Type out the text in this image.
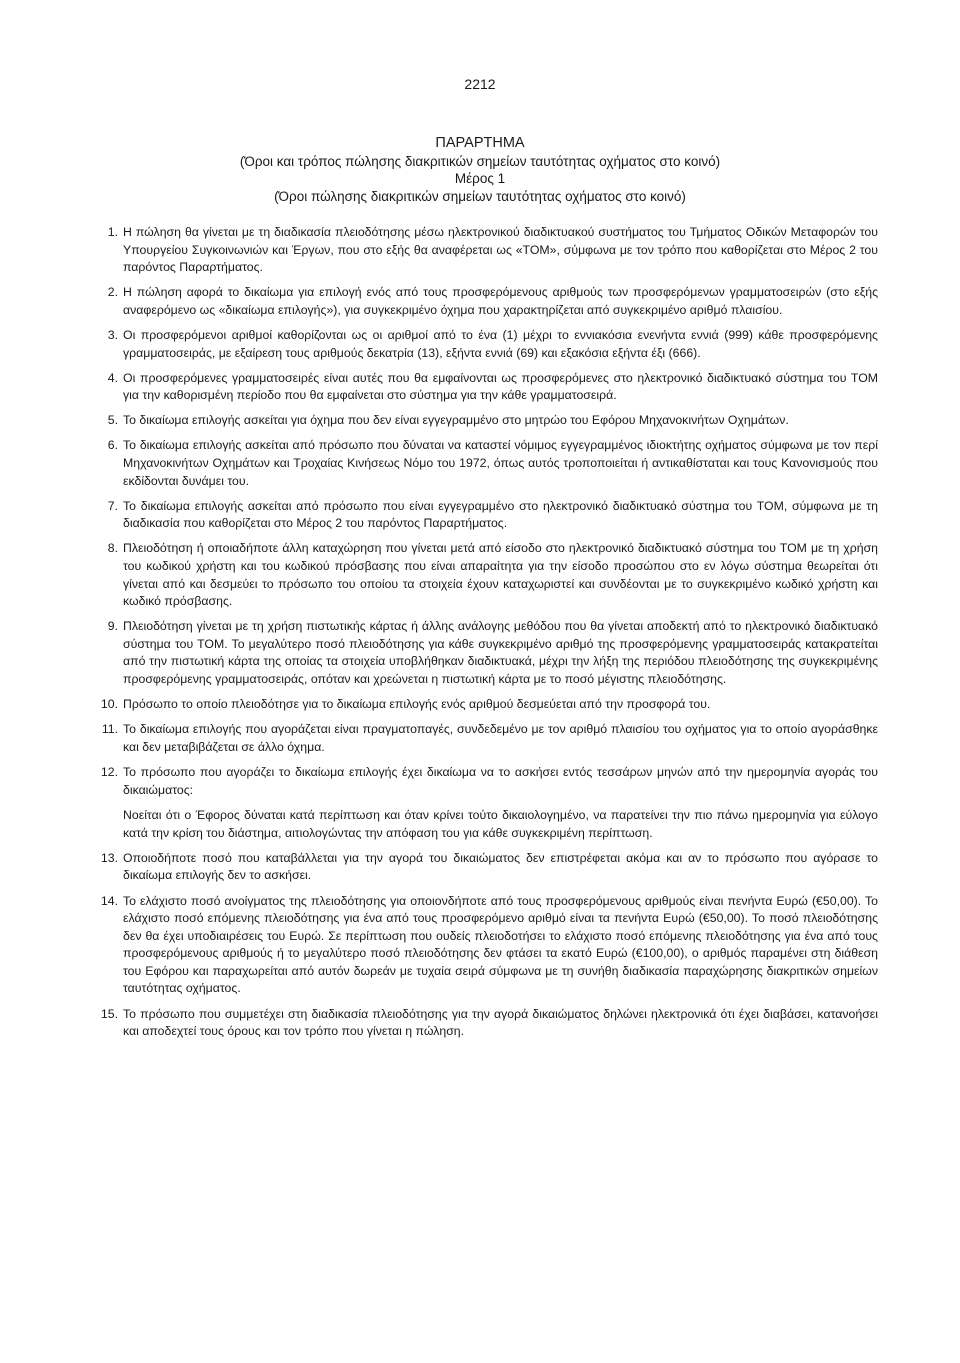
2212
ΠΑΡΑΡΤΗΜΑ
(Όροι και τρόπος πώλησης διακριτικών σημείων ταυτότητας οχήματος στο κοινό)
Μέρος 1
(Όροι πώλησης διακριτικών σημείων ταυτότητας οχήματος στο κοινό)
1. Η πώληση θα γίνεται με τη διαδικασία πλειοδότησης μέσω ηλεκτρονικού διαδικτυακού συστήματος του Τμήματος Οδικών Μεταφορών του Υπουργείου Συγκοινωνιών και Έργων, που στο εξής θα αναφέρεται ως «ΤΟΜ», σύμφωνα με τον τρόπο που καθορίζεται στο Μέρος 2 του παρόντος Παραρτήματος.
2. Η πώληση αφορά το δικαίωμα για επιλογή ενός από τους προσφερόμενους αριθμούς των προσφερόμενων γραμματοσειρών (στο εξής αναφερόμενο ως «δικαίωμα επιλογής»), για συγκεκριμένο όχημα που χαρακτηρίζεται από συγκεκριμένο αριθμό πλαισίου.
3. Οι προσφερόμενοι αριθμοί καθορίζονται ως οι αριθμοί από το ένα (1) μέχρι το εννιακόσια ενενήντα εννιά (999) κάθε προσφερόμενης γραμματοσειράς, με εξαίρεση τους αριθμούς δεκατρία (13), εξήντα εννιά (69) και εξακόσια εξήντα έξι (666).
4. Οι προσφερόμενες γραμματοσειρές είναι αυτές που θα εμφαίνονται ως προσφερόμενες στο ηλεκτρονικό διαδικτυακό σύστημα του ΤΟΜ για την καθορισμένη περίοδο που θα εμφαίνεται στο σύστημα για την κάθε γραμματοσειρά.
5. Το δικαίωμα επιλογής ασκείται για όχημα που δεν είναι εγγεγραμμένο στο μητρώο του Εφόρου Μηχανοκινήτων Οχημάτων.
6. Το δικαίωμα επιλογής ασκείται από πρόσωπο που δύναται να καταστεί νόμιμος εγγεγραμμένος ιδιοκτήτης οχήματος σύμφωνα με τον περί Μηχανοκινήτων Οχημάτων και Τροχαίας Κινήσεως Νόμο του 1972, όπως αυτός τροποποιείται ή αντικαθίσταται και τους Κανονισμούς που εκδίδονται δυνάμει του.
7. Το δικαίωμα επιλογής ασκείται από πρόσωπο που είναι εγγεγραμμένο στο ηλεκτρονικό διαδικτυακό σύστημα του ΤΟΜ, σύμφωνα με τη διαδικασία που καθορίζεται στο Μέρος 2 του παρόντος Παραρτήματος.
8. Πλειοδότηση ή οποιαδήποτε άλλη καταχώρηση που γίνεται μετά από είσοδο στο ηλεκτρονικό διαδικτυακό σύστημα του ΤΟΜ με τη χρήση του κωδικού χρήστη και του κωδικού πρόσβασης που είναι απαραίτητα για την είσοδο προσώπου στο εν λόγω σύστημα θεωρείται ότι γίνεται από και δεσμεύει το πρόσωπο του οποίου τα στοιχεία έχουν καταχωριστεί και συνδέονται με το συγκεκριμένο κωδικό χρήστη και κωδικό πρόσβασης.
9. Πλειοδότηση γίνεται με τη χρήση πιστωτικής κάρτας ή άλλης ανάλογης μεθόδου που θα γίνεται αποδεκτή από το ηλεκτρονικό διαδικτυακό σύστημα του ΤΟΜ. Το μεγαλύτερο ποσό πλειοδότησης για κάθε συγκεκριμένο αριθμό της προσφερόμενης γραμματοσειράς κατακρατείται από την πιστωτική κάρτα της οποίας τα στοιχεία υποβλήθηκαν διαδικτυακά, μέχρι την λήξη της περιόδου πλειοδότησης της συγκεκριμένης προσφερόμενης γραμματοσειράς, οπόταν και χρεώνεται η πιστωτική κάρτα με το ποσό μέγιστης πλειοδότησης.
10. Πρόσωπο το οποίο πλειοδότησε για το δικαίωμα επιλογής ενός αριθμού δεσμεύεται από την προσφορά του.
11. Το δικαίωμα επιλογής που αγοράζεται είναι πραγματοπαγές, συνδεδεμένο με τον αριθμό πλαισίου του οχήματος για το οποίο αγοράσθηκε και δεν μεταβιβάζεται σε άλλο όχημα.
12. Το πρόσωπο που αγοράζει το δικαίωμα επιλογής έχει δικαίωμα να το ασκήσει εντός τεσσάρων μηνών από την ημερομηνία αγοράς του δικαιώματος:
Νοείται ότι ο Έφορος δύναται κατά περίπτωση και όταν κρίνει τούτο δικαιολογημένο, να παρατείνει την πιο πάνω ημερομηνία για εύλογο κατά την κρίση του διάστημα, αιτιολογώντας την απόφαση του για κάθε συγκεκριμένη περίπτωση.
13. Οποιοδήποτε ποσό που καταβάλλεται για την αγορά του δικαιώματος δεν επιστρέφεται ακόμα και αν το πρόσωπο που αγόρασε το δικαίωμα επιλογής δεν το ασκήσει.
14. Το ελάχιστο ποσό ανοίγματος της πλειοδότησης για οποιονδήποτε από τους προσφερόμενους αριθμούς είναι πενήντα Ευρώ (€50,00). Το ελάχιστο ποσό επόμενης πλειοδότησης για ένα από τους προσφερόμενο αριθμό είναι τα πενήντα Ευρώ (€50,00). Το ποσό πλειοδότησης δεν θα έχει υποδιαιρέσεις του Ευρώ. Σε περίπτωση που ουδείς πλειοδοτήσει το ελάχιστο ποσό επόμενης πλειοδότησης για ένα από τους προσφερόμενους αριθμούς ή το μεγαλύτερο ποσό πλειοδότησης δεν φτάσει τα εκατό Ευρώ (€100,00), ο αριθμός παραμένει στη διάθεση του Εφόρου και παραχωρείται από αυτόν δωρεάν με τυχαία σειρά σύμφωνα με τη συνήθη διαδικασία παραχώρησης διακριτικών σημείων ταυτότητας οχήματος.
15. Το πρόσωπο που συμμετέχει στη διαδικασία πλειοδότησης για την αγορά δικαιώματος δηλώνει ηλεκτρονικά ότι έχει διαβάσει, κατανοήσει και αποδεχτεί τους όρους και τον τρόπο που γίνεται η πώληση.
